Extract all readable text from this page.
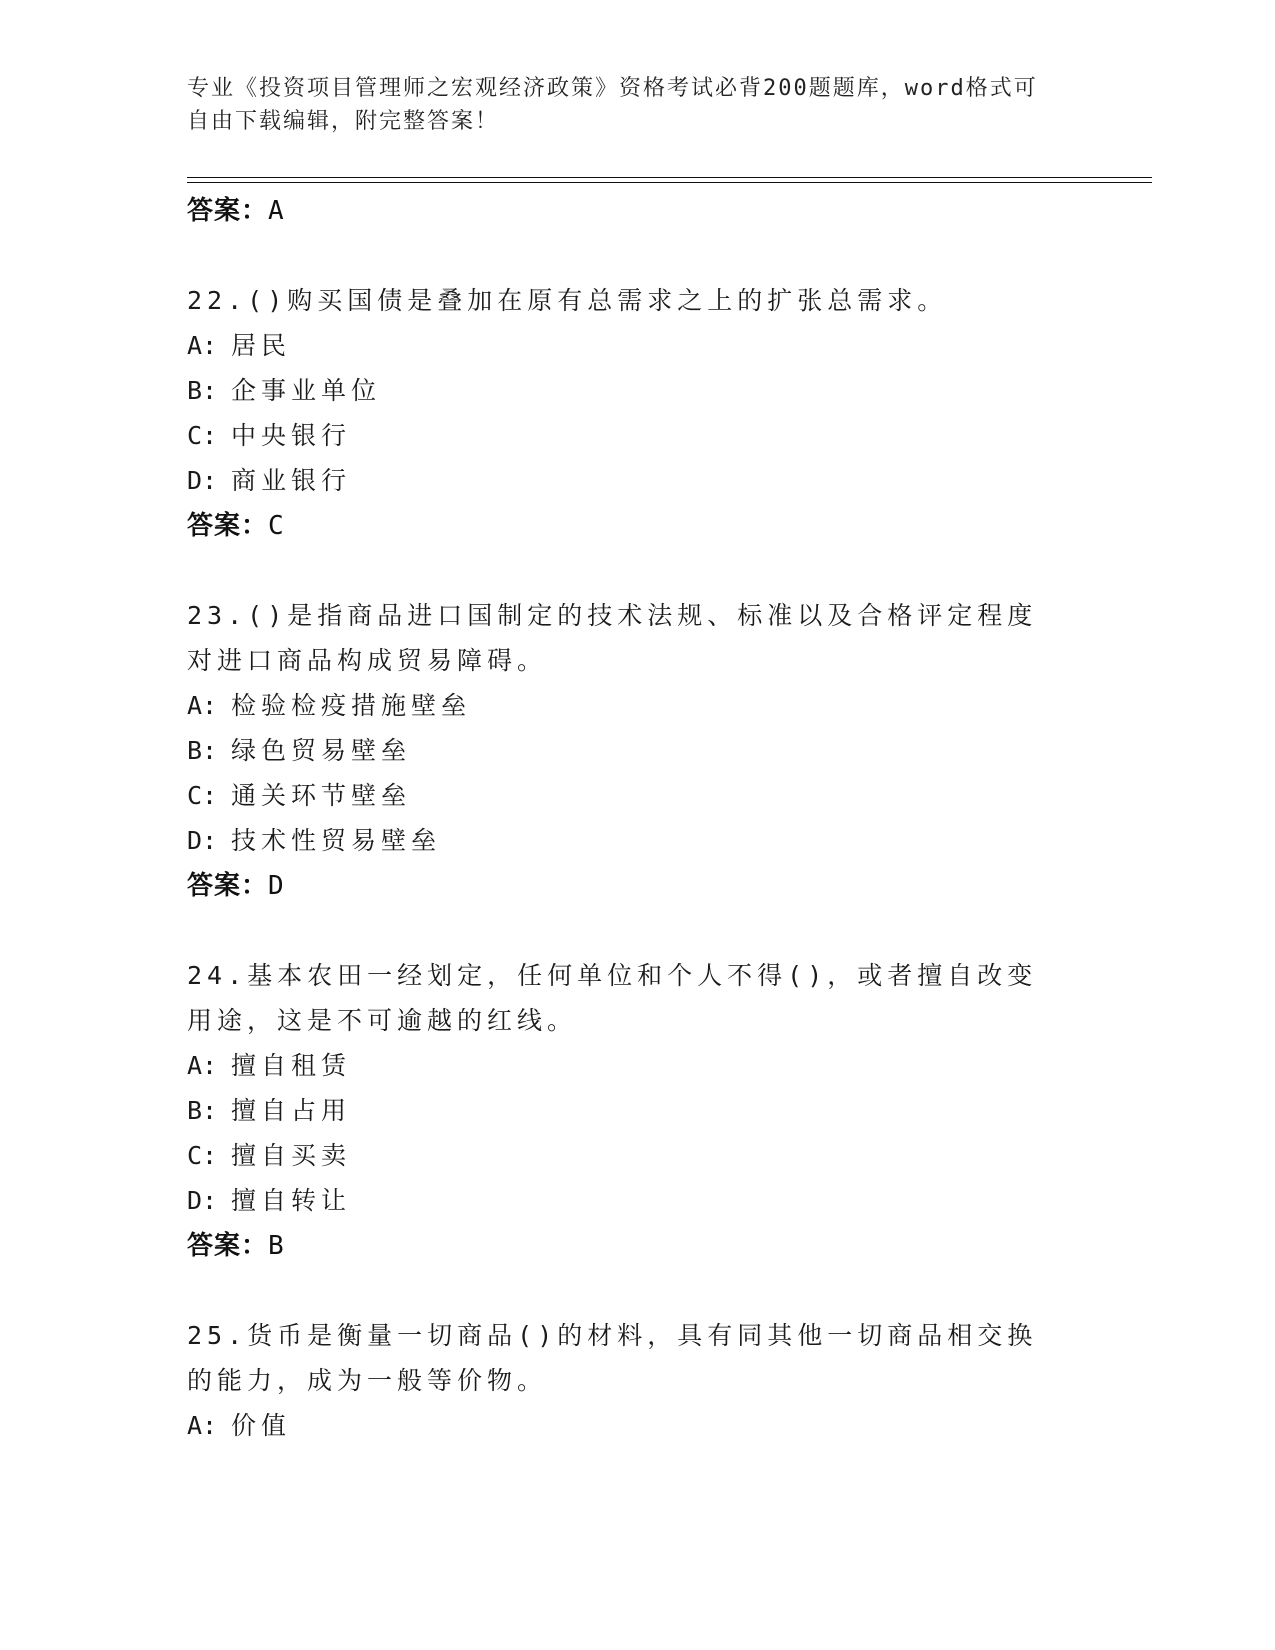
专业《投资项目管理师之宏观经济政策》资格考试必背200题题库，word格式可
自由下载编辑，附完整答案！
答案：A
22.()购买国债是叠加在原有总需求之上的扩张总需求。
A: 居民
B: 企事业单位
C: 中央银行
D: 商业银行
答案：C
23.()是指商品进口国制定的技术法规、标准以及合格评定程度对进口商品构成贸易障碍。
A: 检验检疫措施壁垒
B: 绿色贸易壁垒
C: 通关环节壁垒
D: 技术性贸易壁垒
答案：D
24.基本农田一经划定，任何单位和个人不得()，或者擅自改变用途，这是不可逾越的红线。
A: 擅自租赁
B: 擅自占用
C: 擅自买卖
D: 擅自转让
答案：B
25.货币是衡量一切商品()的材料，具有同其他一切商品相交换的能力，成为一般等价物。
A: 价值
